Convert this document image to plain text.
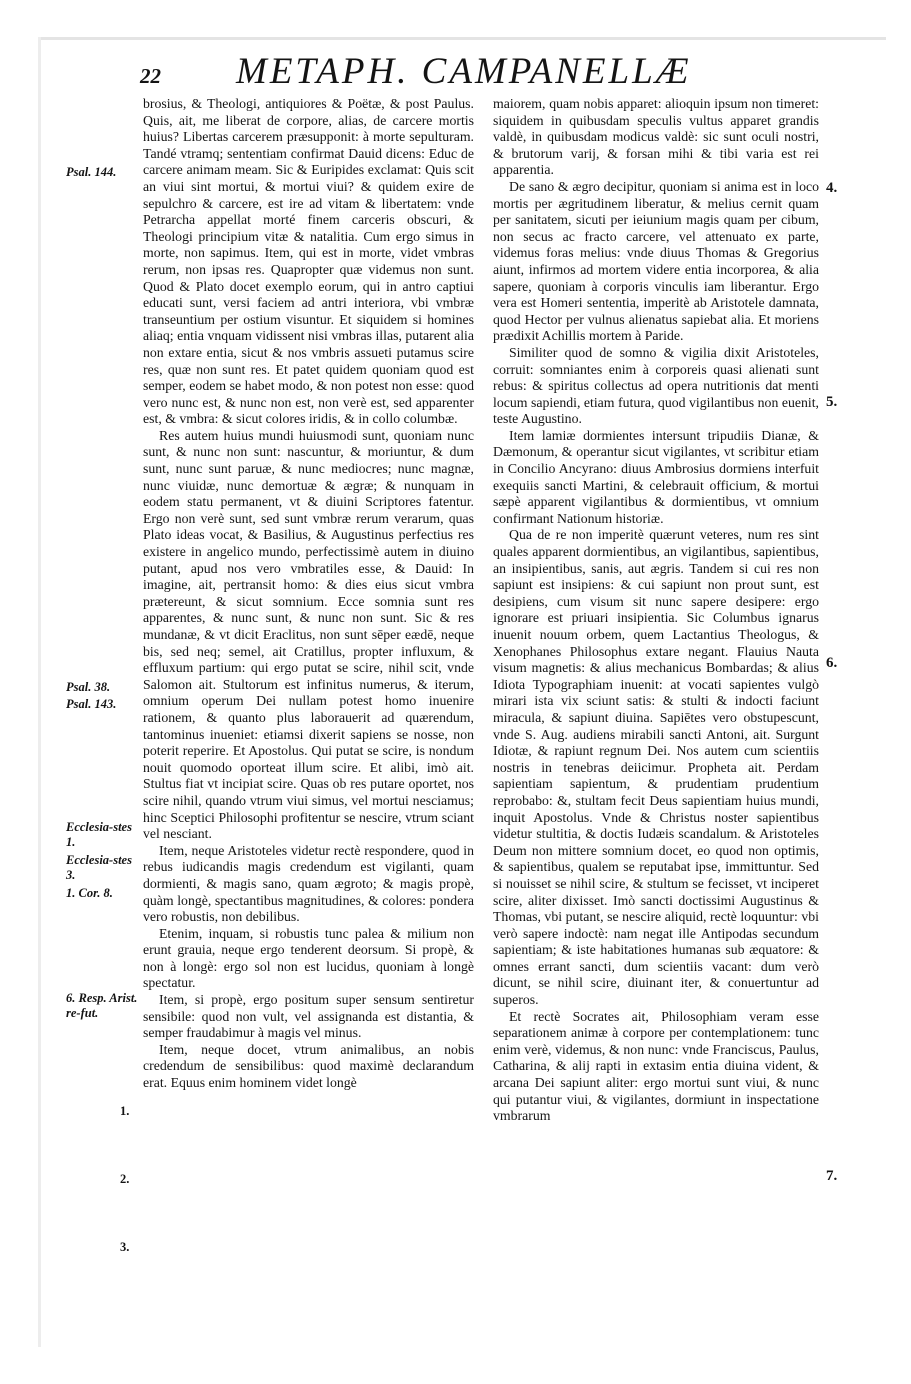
22	METAPH. CAMPANELLÆ
Psal. 144.
Psal. 38.
Psal. 143.
Ecclesia-stes 1.
Ecclesia-stes 3.
1. Cor. 8.
6. Resp. Arist. re-fut.
1.
2.
3.
4.
5.
6.
7.

brosius, & Theologi, antiquiores & Poëtæ, & post Paulus. Quis, ait, me liberat de corpore, alias, de carcere mortis huius? Libertas carcerem præsupponit: à morte sepulturam. Tandé vtramq; sententiam confirmat Dauid dicens: Educ de carcere animam meam. Sic & Euripides exclamat: Quis scit an viui sint mortui, & mortui viui? & quidem exire de sepulchro & carcere, est ire ad vitam & libertatem: vnde Petrarcha appellat morté finem carceris obscuri, & Theologi principium vitæ & natalitia. Cum ergo simus in morte, non sapimus. Item, qui est in morte, videt vmbras rerum, non ipsas res. Quapropter quæ videmus non sunt. Quod & Plato docet exemplo eorum, qui in antro captiui educati sunt, versi faciem ad antri interiora, vbi vmbræ transeuntium per ostium visuntur. Et siquidem si homines aliaq; entia vnquam vidissent nisi vmbras illas, putarent alia non extare entia, sicut & nos vmbris assueti putamus scire res, quæ non sunt res. Et patet quidem quoniam quod est semper, eodem se habet modo, & non potest non esse: quod vero nunc est, & nunc non est, non verè est, sed apparenter est, & vmbra: & sicut colores iridis, & in collo columbæ.

Res autem huius mundi huiusmodi sunt, quoniam nunc sunt, & nunc non sunt: nascuntur, & moriuntur, & dum sunt, nunc sunt paruæ, & nunc mediocres; nunc magnæ, nunc viuidæ, nunc demortuæ & ægræ; & nunquam in eodem statu permanent, vt & diuini Scriptores fatentur. Ergo non verè sunt, sed sunt vmbræ rerum verarum, quas Plato ideas vocat, & Basilius, & Augustinus perfectius res existere in angelico mundo, perfectissimè autem in diuino putant, apud nos vero vmbratiles esse, & Dauid: In imagine, ait, pertransit homo: & dies eius sicut vmbra prætereunt, & sicut somnium. Ecce somnia sunt res apparentes, & nunc sunt, & nunc non sunt. Sic & res mundanæ, & vt dicit Eraclitus, non sunt sēper eædē, neque bis, sed neq; semel, ait Cratillus, propter influxum, & effluxum partium: qui ergo putat se scire, nihil scit, vnde Salomon ait. Stultorum est infinitus numerus, & iterum, omnium operum Dei nullam potest homo inuenire rationem, & quanto plus laborauerit ad quærendum, tantominus inueniet: etiamsi dixerit sapiens se nosse, non poterit reperire. Et Apostolus. Qui putat se scire, is nondum nouit quomodo oporteat illum scire. Et alibi, imò ait. Stultus fiat vt incipiat scire. Quas ob res putare oportet, nos scire nihil, quando vtrum viui simus, vel mortui nesciamus; hinc Sceptici Philosophi profitentur se nescire, vtrum sciant vel nesciant.

Item, neque Aristoteles videtur rectè respondere, quod in rebus iudicandis magis credendum est vigilanti, quam dormienti, & magis sano, quam ægroto; & magis propè, quàm longè, spectantibus magnitudines, & colores: pondera vero robustis, non debilibus.

Etenim, inquam, si robustis tunc palea & milium non erunt grauia, neque ergo tenderent deorsum. Si propè, & non à longè: ergo sol non est lucidus, quoniam à longè spectatur.

Item, si propè, ergo positum super sensum sentiretur sensibile: quod non vult, vel assignanda est distantia, & semper fraudabimur à magis vel minus.

Item, neque docet, vtrum animalibus, an nobis credendum de sensibilibus: quod maximè declarandum erat. Equus enim hominem videt longè

maiorem, quam nobis apparet: alioquin ipsum non timeret: siquidem in quibusdam speculis vultus apparet grandis valdè, in quibusdam modicus valdè: sic sunt oculi nostri, & brutorum varij, & forsan mihi & tibi varia est rei apparentia.

De sano & ægro decipitur, quoniam si anima est in loco mortis per ægritudinem liberatur, & melius cernit quam per sanitatem, sicuti per ieiunium magis quam per cibum, non secus ac fracto carcere, vel attenuato ex parte, videmus foras melius: vnde diuus Thomas & Gregorius aiunt, infirmos ad mortem videre entia incorporea, & alia sapere, quoniam à corporis vinculis iam liberantur. Ergo vera est Homeri sententia, imperitè ab Aristotele damnata, quod Hector per vulnus alienatus sapiebat alia. Et moriens prædixit Achillis mortem à Paride.

Similiter quod de somno & vigilia dixit Aristoteles, corruit: somniantes enim à corporeis quasi alienati sunt rebus: & spiritus collectus ad opera nutritionis dat menti locum sapiendi, etiam futura, quod vigilantibus non euenit, teste Augustino.

Item lamiæ dormientes intersunt tripudiis Dianæ, & Dæmonum, & operantur sicut vigilantes, vt scribitur etiam in Concilio Ancyrano: diuus Ambrosius dormiens interfuit exequiis sancti Martini, & celebrauit officium, & mortui sæpè apparent vigilantibus & dormientibus, vt omnium confirmant Nationum historiæ.

Qua de re non imperitè quærunt veteres, num res sint quales apparent dormientibus, an vigilantibus, sapientibus, an insipientibus, sanis, aut ægris. Tandem si cui res non sapiunt est insipiens: & cui sapiunt non prout sunt, est desipiens, cum visum sit nunc sapere desipere: ergo ignorare est priuari insipientia. Sic Columbus ignarus inuenit nouum orbem, quem Lactantius Theologus, & Xenophanes Philosophus extare negant. Flauius Nauta visum magnetis: & alius mechanicus Bombardas; & alius Idiota Typographiam inuenit: at vocati sapientes vulgò mirari ista vix sciunt satis: & stulti & indocti faciunt miracula, & sapiunt diuina. Sapiētes vero obstupescunt, vnde S. Aug. audiens mirabili sancti Antoni, ait. Surgunt Idiotæ, & rapiunt regnum Dei. Nos autem cum scientiis nostris in tenebras deiicimur. Propheta ait. Perdam sapientiam sapientum, & prudentiam prudentium reprobabo: &, stultam fecit Deus sapientiam huius mundi, inquit Apostolus. Vnde & Christus noster sapientibus videtur stultitia, & doctis Iudæis scandalum. & Aristoteles Deum non mittere somnium docet, eo quod non optimis, & sapientibus, qualem se reputabat ipse, immittuntur. Sed si nouisset se nihil scire, & stultum se fecisset, vt inciperet scire, aliter dixisset. Imò sancti doctissimi Augustinus & Thomas, vbi putant, se nescire aliquid, rectè loquuntur: vbi verò sapere indoctè: nam negat ille Antipodas secundum sapientiam; & iste habitationes humanas sub æquatore: & omnes errant sancti, dum scientiis vacant: dum verò dicunt, se nihil scire, diuinant iter, & conuertuntur ad superos.

Et rectè Socrates ait, Philosophiam veram esse separationem animæ à corpore per contemplationem: tunc enim verè, videmus, & non nunc: vnde Franciscus, Paulus, Catharina, & alij rapti in extasim entia diuina vident, & arcana Dei sapiunt aliter: ergo mortui sunt viui, & nunc qui putantur viui, & vigilantes, dormiunt in inspectatione vmbrarum
